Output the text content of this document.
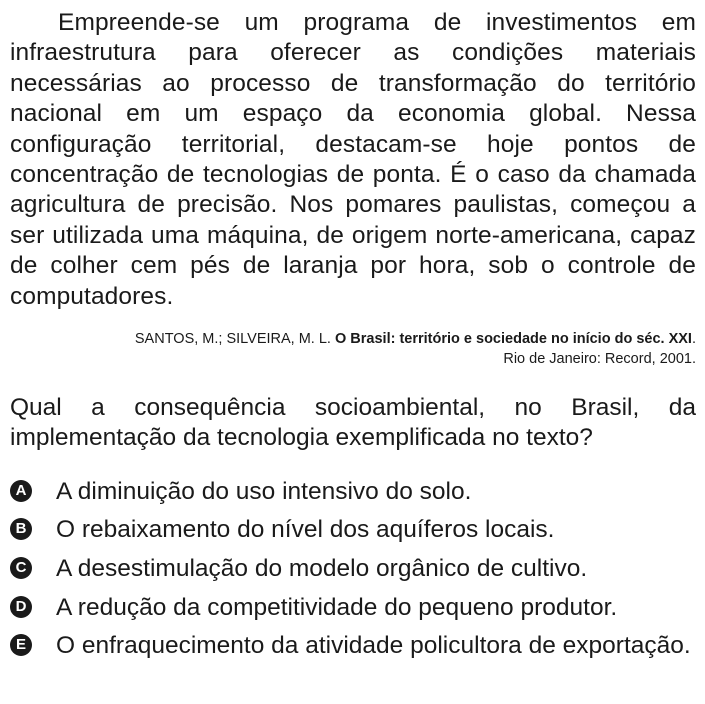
Empreende-se um programa de investimentos em infraestrutura para oferecer as condições materiais necessárias ao processo de transformação do território nacional em um espaço da economia global. Nessa configuração territorial, destacam-se hoje pontos de concentração de tecnologias de ponta. É o caso da chamada agricultura de precisão. Nos pomares paulistas, começou a ser utilizada uma máquina, de origem norte-americana, capaz de colher cem pés de laranja por hora, sob o controle de computadores.

SANTOS, M.; SILVEIRA, M. L. O Brasil: território e sociedade no início do séc. XXI.
Rio de Janeiro: Record, 2001.

Qual a consequência socioambiental, no Brasil, da implementação da tecnologia exemplificada no texto?

A A diminuição do uso intensivo do solo.
B O rebaixamento do nível dos aquíferos locais.
C A desestimulação do modelo orgânico de cultivo.
D A redução da competitividade do pequeno produtor.
E O enfraquecimento da atividade policultora de exportação.
